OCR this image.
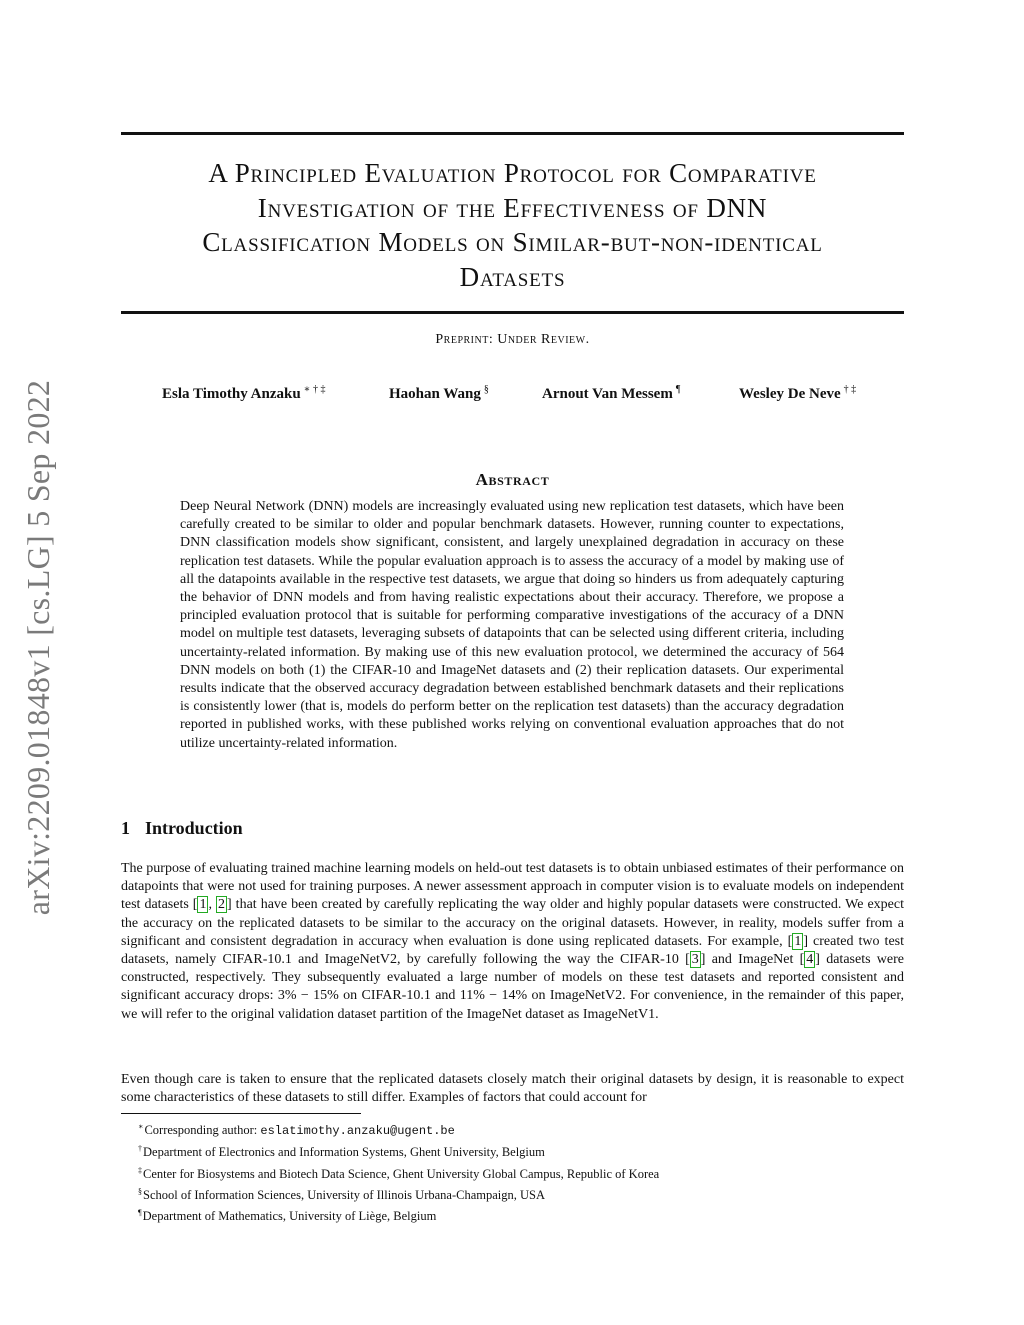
arXiv:2209.01848v1 [cs.LG] 5 Sep 2022
A Principled Evaluation Protocol for Comparative
Investigation of the Effectiveness of DNN
Classification Models on Similar-but-non-identical
Datasets
Preprint: Under Review.
Esla Timothy Anzaku ∗ † ‡	Haohan Wang §	Arnout Van Messem ¶	Wesley De Neve † ‡
Abstract

Deep Neural Network (DNN) models are increasingly evaluated using new replication test datasets, which have been carefully created to be similar to older and popular benchmark datasets. However, running counter to expectations, DNN classification models show significant, consistent, and largely unexplained degradation in accuracy on these replication test datasets. While the popular evaluation approach is to assess the accuracy of a model by making use of all the datapoints available in the respective test datasets, we argue that doing so hinders us from adequately capturing the behavior of DNN models and from having realistic expectations about their accuracy. Therefore, we propose a principled evaluation protocol that is suitable for performing comparative investigations of the accuracy of a DNN model on multiple test datasets, leveraging subsets of datapoints that can be selected using different criteria, including uncertainty-related information. By making use of this new evaluation protocol, we determined the accuracy of 564 DNN models on both (1) the CIFAR-10 and ImageNet datasets and (2) their replication datasets. Our experimental results indicate that the observed accuracy degradation between established benchmark datasets and their replications is consistently lower (that is, models do perform better on the replication test datasets) than the accuracy degradation reported in published works, with these published works relying on conventional evaluation approaches that do not utilize uncertainty-related information.

1 Introduction

The purpose of evaluating trained machine learning models on held-out test datasets is to obtain unbiased estimates of their performance on datapoints that were not used for training purposes. A newer assessment approach in computer vision is to evaluate models on independent test datasets [ 1 , 2 ] that have been created by carefully replicating the way older and highly popular datasets were constructed. We expect the accuracy on the replicated datasets to be similar to the accuracy on the original datasets. However, in reality, models suffer from a significant and consistent degradation in accuracy when evaluation is done using replicated datasets. For example, [ 1 ] created two test datasets, namely CIFAR-10.1 and ImageNetV2, by carefully following the way the CIFAR-10 [ 3 ] and ImageNet [ 4 ] datasets were constructed, respectively. They subsequently evaluated a large number of models on these test datasets and reported consistent and significant accuracy drops: 3% − 15% on CIFAR-10.1 and 11% − 14% on ImageNetV2. For convenience, in the remainder of this paper, we will refer to the original validation dataset partition of the ImageNet dataset as ImageNetV1.

Even though care is taken to ensure that the replicated datasets closely match their original datasets by design, it is reasonable to expect some characteristics of these datasets to still differ. Examples of factors that could account for

∗Corresponding author: eslatimothy.anzaku@ugent.be
†Department of Electronics and Information Systems, Ghent University, Belgium
‡Center for Biosystems and Biotech Data Science, Ghent University Global Campus, Republic of Korea
§School of Information Sciences, University of Illinois Urbana-Champaign, USA
¶Department of Mathematics, University of Liège, Belgium
